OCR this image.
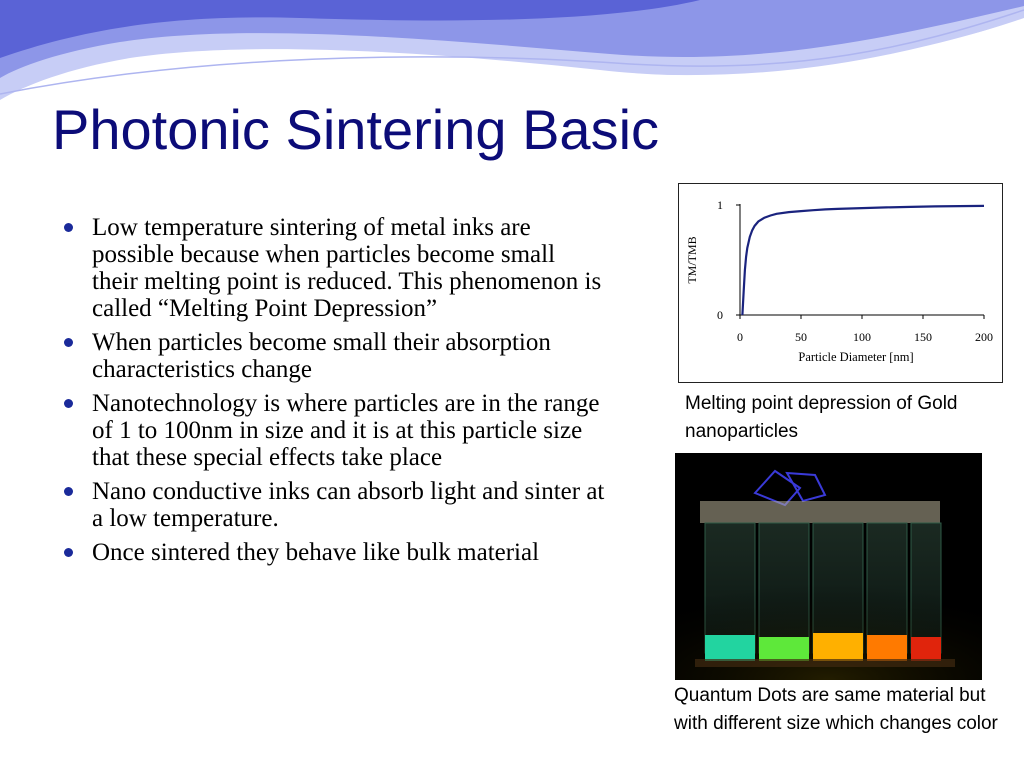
Photonic Sintering Basic
Low temperature sintering of metal inks are possible because when particles become small their melting point is reduced. This phenomenon is called “Melting Point Depression”
When particles become small their absorption characteristics change
Nanotechnology is where particles are in the range of 1 to 100nm in size and it is at this particle size that these special effects take place
Nano conductive inks can absorb light and sinter at a low temperature.
Once sintered they behave like bulk material
0	50	100	150	200
0
1
Particle Diameter [nm]
TM/TMB
Melting point depression of Gold nanoparticles
Quantum Dots are same material but with different size which changes color
